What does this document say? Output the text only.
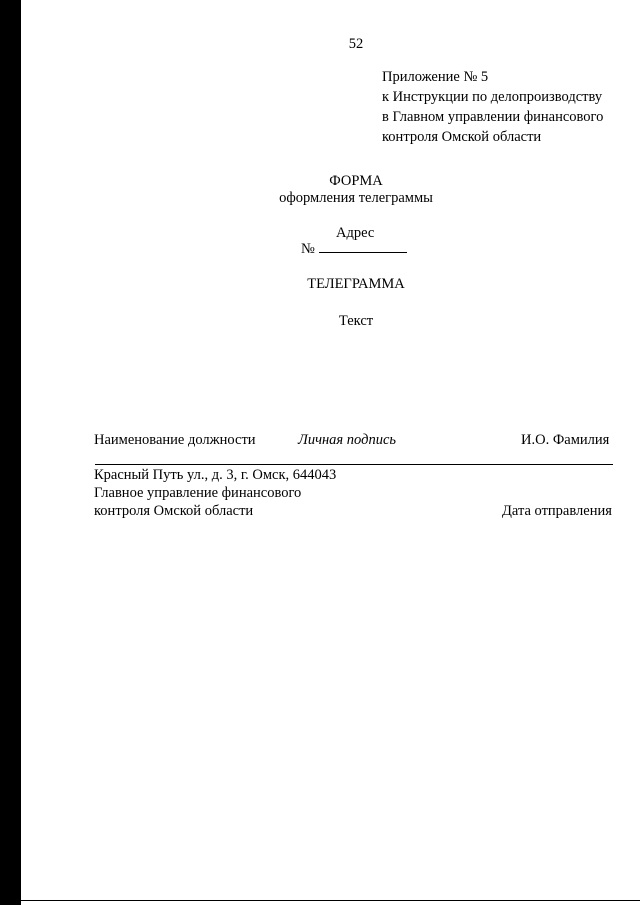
52
Приложение № 5
к Инструкции по делопроизводству
в Главном управлении финансового
контроля Омской области
ФОРМА
оформления телеграммы
Адрес
№
ТЕЛЕГРАММА
Текст
Наименование должности	Личная подпись	И.О. Фамилия
Красный Путь ул., д. 3, г. Омск, 644043
Главное управление финансового
контроля Омской области	Дата отправления
